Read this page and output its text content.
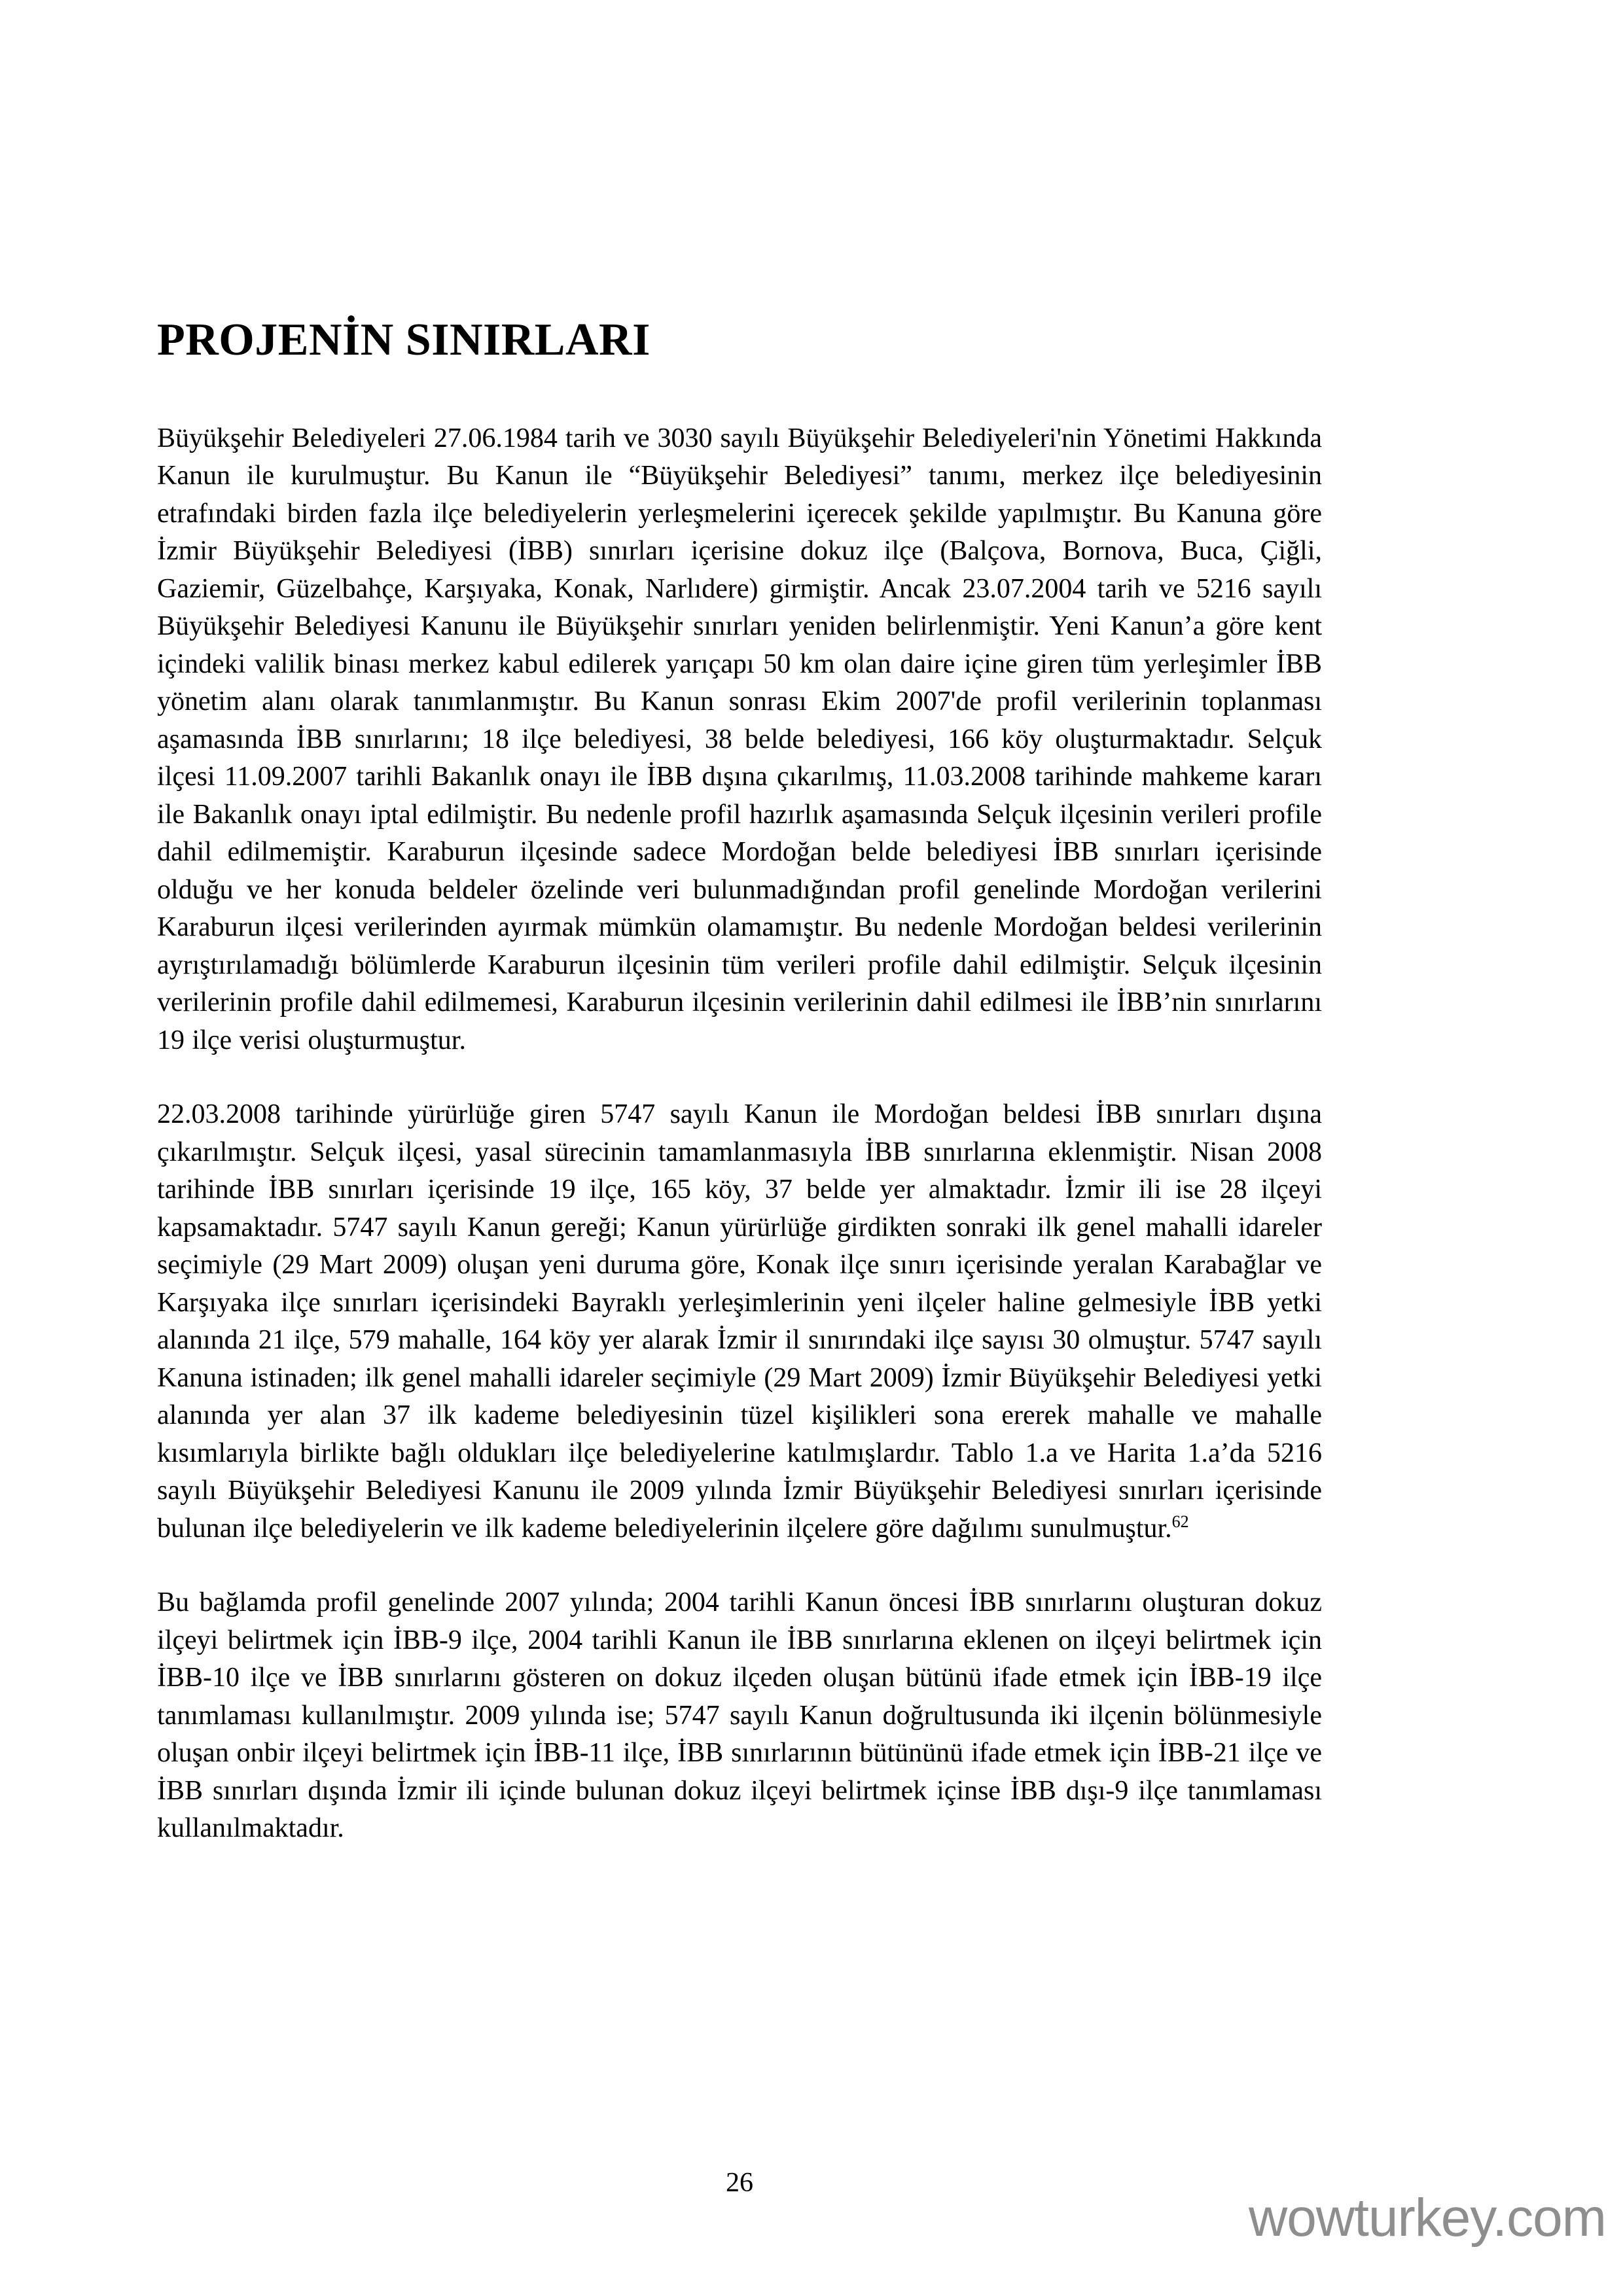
PROJENİN SINIRLARI

Büyükşehir Belediyeleri 27.06.1984 tarih ve 3030 sayılı Büyükşehir Belediyeleri'nin Yönetimi Hakkında Kanun ile kurulmuştur. Bu Kanun ile “Büyükşehir Belediyesi” tanımı, merkez ilçe belediyesinin etrafındaki birden fazla ilçe belediyelerin yerleşmelerini içerecek şekilde yapılmıştır. Bu Kanuna göre İzmir Büyükşehir Belediyesi (İBB) sınırları içerisine dokuz ilçe (Balçova, Bornova, Buca, Çiğli, Gaziemir, Güzelbahçe, Karşıyaka, Konak, Narlıdere) girmiştir. Ancak 23.07.2004 tarih ve 5216 sayılı Büyükşehir Belediyesi Kanunu ile Büyükşehir sınırları yeniden belirlenmiştir. Yeni Kanun’a göre kent içindeki valilik binası merkez kabul edilerek yarıçapı 50 km olan daire içine giren tüm yerleşimler İBB yönetim alanı olarak tanımlanmıştır. Bu Kanun sonrası Ekim 2007'de profil verilerinin toplanması aşamasında İBB sınırlarını; 18 ilçe belediyesi, 38 belde belediyesi, 166 köy oluşturmaktadır. Selçuk ilçesi 11.09.2007 tarihli Bakanlık onayı ile İBB dışına çıkarılmış, 11.03.2008 tarihinde mahkeme kararı ile Bakanlık onayı iptal edilmiştir. Bu nedenle profil hazırlık aşamasında Selçuk ilçesinin verileri profile dahil edilmemiştir. Karaburun ilçesinde sadece Mordoğan belde belediyesi İBB sınırları içerisinde olduğu ve her konuda beldeler özelinde veri bulunmadığından profil genelinde Mordoğan verilerini Karaburun ilçesi verilerinden ayırmak mümkün olamamıştır. Bu nedenle Mordoğan beldesi verilerinin ayrıştırılamadığı bölümlerde Karaburun ilçesinin tüm verileri profile dahil edilmiştir. Selçuk ilçesinin verilerinin profile dahil edilmemesi, Karaburun ilçesinin verilerinin dahil edilmesi ile İBB’nin sınırlarını 19 ilçe verisi oluşturmuştur.

22.03.2008 tarihinde yürürlüğe giren 5747 sayılı Kanun ile Mordoğan beldesi İBB sınırları dışına çıkarılmıştır. Selçuk ilçesi, yasal sürecinin tamamlanmasıyla İBB sınırlarına eklenmiştir. Nisan 2008 tarihinde İBB sınırları içerisinde 19 ilçe, 165 köy, 37 belde yer almaktadır. İzmir ili ise 28 ilçeyi kapsamaktadır. 5747 sayılı Kanun gereği; Kanun yürürlüğe girdikten sonraki ilk genel mahalli idareler seçimiyle (29 Mart 2009) oluşan yeni duruma göre, Konak ilçe sınırı içerisinde yeralan Karabağlar ve Karşıyaka ilçe sınırları içerisindeki Bayraklı yerleşimlerinin yeni ilçeler haline gelmesiyle İBB yetki alanında 21 ilçe, 579 mahalle, 164 köy yer alarak İzmir il sınırındaki ilçe sayısı 30 olmuştur. 5747 sayılı Kanuna istinaden; ilk genel mahalli idareler seçimiyle (29 Mart 2009) İzmir Büyükşehir Belediyesi yetki alanında yer alan 37 ilk kademe belediyesinin tüzel kişilikleri sona ererek mahalle ve mahalle kısımlarıyla birlikte bağlı oldukları ilçe belediyelerine katılmışlardır. Tablo 1.a ve Harita 1.a’da 5216 sayılı Büyükşehir Belediyesi Kanunu ile 2009 yılında İzmir Büyükşehir Belediyesi sınırları içerisinde bulunan ilçe belediyelerin ve ilk kademe belediyelerinin ilçelere göre dağılımı sunulmuştur.$^{62}$

Bu bağlamda profil genelinde 2007 yılında; 2004 tarihli Kanun öncesi İBB sınırlarını oluşturan dokuz ilçeyi belirtmek için İBB-9 ilçe, 2004 tarihli Kanun ile İBB sınırlarına eklenen on ilçeyi belirtmek için İBB-10 ilçe ve İBB sınırlarını gösteren on dokuz ilçeden oluşan bütünü ifade etmek için İBB-19 ilçe tanımlaması kullanılmıştır. 2009 yılında ise; 5747 sayılı Kanun doğrultusunda iki ilçenin bölünmesiyle oluşan onbir ilçeyi belirtmek için İBB-11 ilçe, İBB sınırlarının bütününü ifade etmek için İBB-21 ilçe ve İBB sınırları dışında İzmir ili içinde bulunan dokuz ilçeyi belirtmek içinse İBB dışı-9 ilçe tanımlaması kullanılmaktadır.

26
wowturkey.com
